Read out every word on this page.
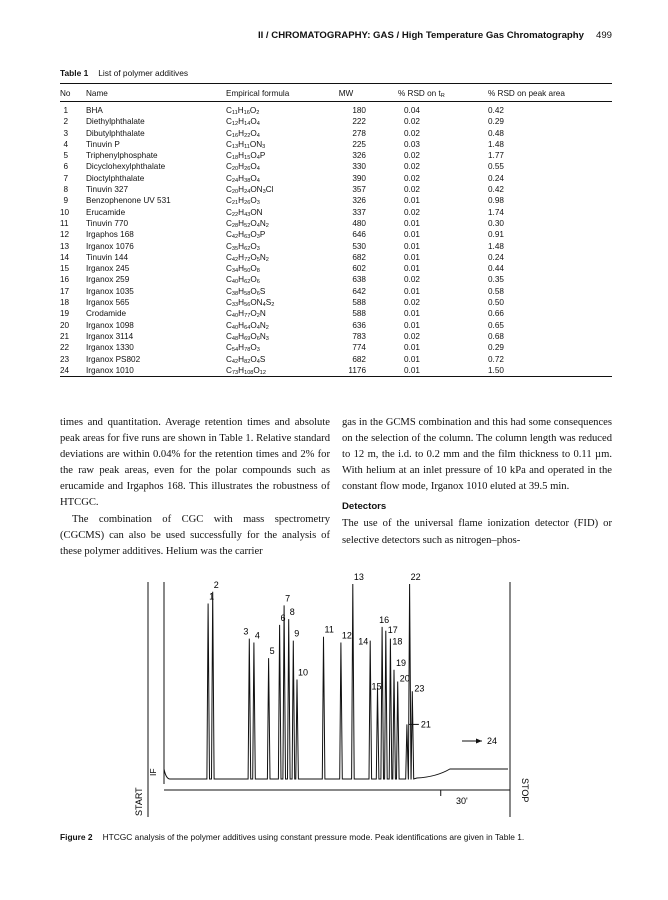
II / CHROMATOGRAPHY: GAS / High Temperature Gas Chromatography 499
Table 1 List of polymer additives
No	Name	Empirical formula	MW	% RSD on $t_R$	% RSD on peak area

1	BHA	$C_{11}H_{16}O_2$	180	0.04	0.42
2	Diethylphthalate	$C_{12}H_{14}O_4$	222	0.02	0.29
3	Dibutylphthalate	$C_{16}H_{22}O_4$	278	0.02	0.48
4	Tinuvin P	$C_{13}H_{11}ON_3$	225	0.03	1.48
5	Triphenylphosphate	$C_{18}H_{15}O_4P$	326	0.02	1.77
6	Dicyclohexylphthalate	$C_{20}H_{26}O_4$	330	0.02	0.55
7	Dioctylphthalate	$C_{24}H_{38}O_4$	390	0.02	0.24
8	Tinuvin 327	$C_{20}H_{24}ON_3Cl$	357	0.02	0.42
9	Benzophenone UV 531	$C_{21}H_{26}O_3$	326	0.01	0.98
10	Erucamide	$C_{22}H_{43}ON$	337	0.02	1.74
11	Tinuvin 770	$C_{28}H_{52}O_4N_2$	480	0.01	0.30
12	Irgaphos 168	$C_{42}H_{63}O_3P$	646	0.01	0.91
13	Irganox 1076	$C_{35}H_{62}O_3$	530	0.01	1.48
14	Tinuvin 144	$C_{42}H_{72}O_5N_2$	682	0.01	0.24
15	Irganox 245	$C_{34}H_{50}O_8$	602	0.01	0.44
16	Irganox 259	$C_{40}H_{62}O_6$	638	0.02	0.35
17	Irganox 1035	$C_{38}H_{58}O_6S$	642	0.01	0.58
18	Irganox 565	$C_{33}H_{56}ON_4S_2$	588	0.02	0.50
19	Crodamide	$C_{40}H_{77}O_2N$	588	0.01	0.66
20	Irganox 1098	$C_{40}H_{64}O_4N_2$	636	0.01	0.65
21	Irganox 3114	$C_{48}H_{69}O_6N_3$	783	0.02	0.68
22	Irganox 1330	$C_{54}H_{78}O_3$	774	0.01	0.29
23	Irganox PS802	$C_{42}H_{82}O_4S$	682	0.01	0.72
24	Irganox 1010	$C_{73}H_{108}O_{12}$	1176	0.01	1.50

times and quantitation. Average retention times and absolute peak areas for five runs are shown in Table 1. Relative standard deviations are within 0.04% for the retention times and 2% for the raw peak areas, even for the polar compounds such as erucamide and Irgaphos 168. This illustrates the robustness of HTCGC.

The combination of CGC with mass spectrometry (CGCMS) can also be used successfully for the analysis of these polymer additives. Helium was the carrier

gas in the GCMS combination and this had some consequences on the selection of the column. The column length was reduced to 12 m, the i.d. to 0.2 mm and the film thickness to 0.11 µm. With helium at an inlet pressure of 10 kPa and operated in the constant flow mode, Irganox 1010 eluted at 39.5 min.

Detectors

The use of the universal flame ionization detector (FID) or selective detectors such as nitrogen–phos-

1
2
3 4
5
6
7
8
9
10
11
12
13
14
15
16
17
18
19
20
21
22
23
START
IF
STOP
30'
24
Figure 2 HTCGC analysis of the polymer additives using constant pressure mode. Peak identifications are given in Table 1.
